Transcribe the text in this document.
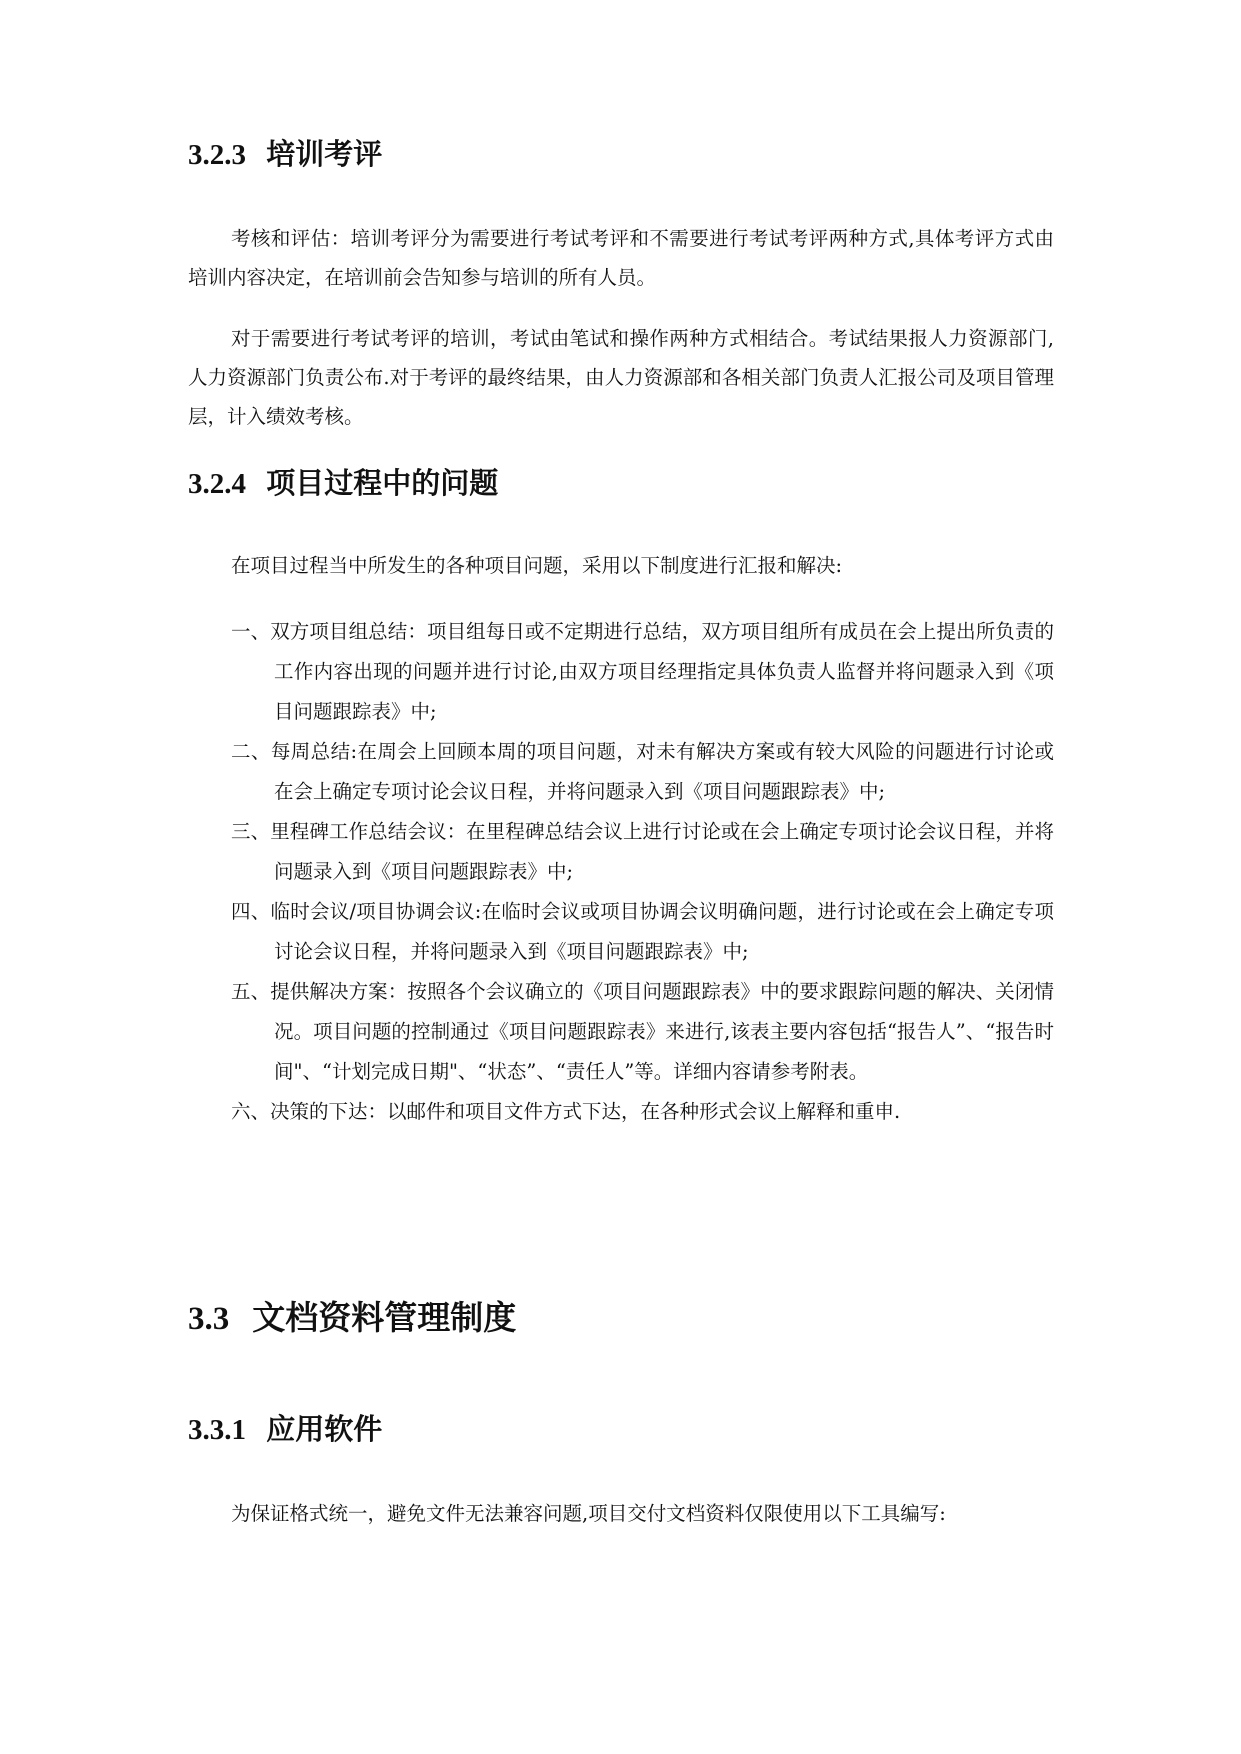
3.2.3 培训考评

考核和评估：培训考评分为需要进行考试考评和不需要进行考试考评两种方式,具体考评方式由培训内容决定，在培训前会告知参与培训的所有人员。

对于需要进行考试考评的培训，考试由笔试和操作两种方式相结合。考试结果报人力资源部门,人力资源部门负责公布.对于考评的最终结果，由人力资源部和各相关部门负责人汇报公司及项目管理层，计入绩效考核。

3.2.4 项目过程中的问题

在项目过程当中所发生的各种项目问题，采用以下制度进行汇报和解决:

一、双方项目组总结：项目组每日或不定期进行总结，双方项目组所有成员在会上提出所负责的工作内容出现的问题并进行讨论,由双方项目经理指定具体负责人监督并将问题录入到《项目问题跟踪表》中;
二、每周总结:在周会上回顾本周的项目问题，对未有解决方案或有较大风险的问题进行讨论或在会上确定专项讨论会议日程，并将问题录入到《项目问题跟踪表》中;
三、里程碑工作总结会议：在里程碑总结会议上进行讨论或在会上确定专项讨论会议日程，并将问题录入到《项目问题跟踪表》中;
四、临时会议/项目协调会议:在临时会议或项目协调会议明确问题，进行讨论或在会上确定专项讨论会议日程，并将问题录入到《项目问题跟踪表》中;
五、提供解决方案：按照各个会议确立的《项目问题跟踪表》中的要求跟踪问题的解决、关闭情况。项目问题的控制通过《项目问题跟踪表》来进行,该表主要内容包括“报告人”、“报告时间"、“计划完成日期"、“状态”、“责任人”等。详细内容请参考附表。
六、决策的下达：以邮件和项目文件方式下达，在各种形式会议上解释和重申.
3.3 文档资料管理制度
3.3.1 应用软件

为保证格式统一，避免文件无法兼容问题,项目交付文档资料仅限使用以下工具编写:
